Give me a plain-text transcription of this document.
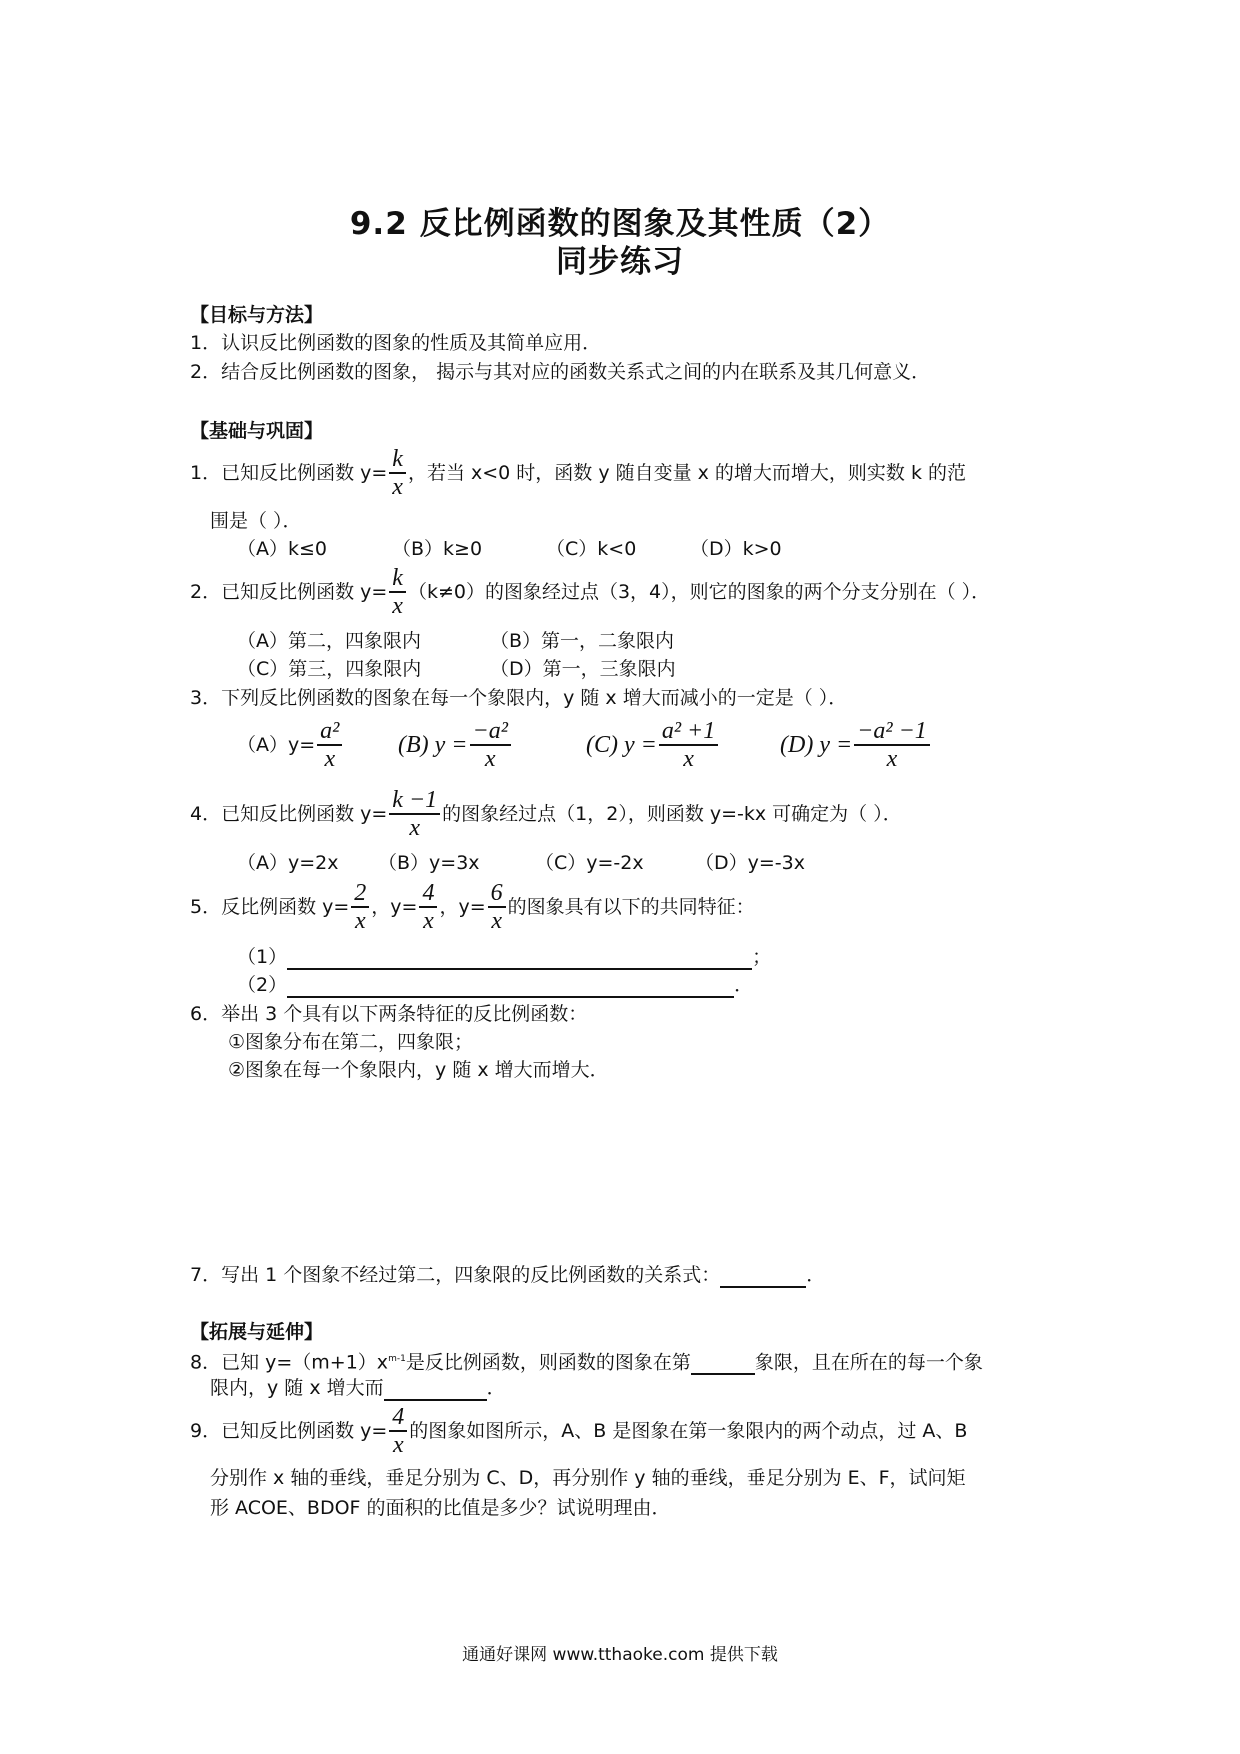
9.2 反比例函数的图象及其性质（2）
同步练习
【目标与方法】
1．认识反比例函数的图象的性质及其简单应用．
2．结合反比例函数的图象， 揭示与其对应的函数关系式之间的内在联系及其几何意义．
【基础与巩固】
1．已知反比例函数 $y= \frac{k}{x}$ ，若当 x<0 时，函数 y 随自变量 x 的增大而增大，则实数 k 的范
围是（ ）．
（A）k≤0	（B）k≥0	（C）k<0	（D）k>0
2．已知反比例函数 $y= \frac{k}{x} (k\ne 0)$的图象经过点（3，4），则它的图象的两个分支分别在（ ）．
（A）第二，四象限内	（B）第一，二象限内
（C）第三，四象限内	（D）第一，三象限内
3．下列反比例函数的图象在每一个象限内，y 随 x 增大而减小的一定是（ ）．
$(A)y= \frac{\text{a²}}{x} (B) y = \frac{\text{−a²}}{x}$	(C) $y = \frac{\text{a² +1}}{x}$	(D) $y = \frac{\text{−a² −1}}{x}$
4．已知反比例函数 $y= \frac{k -1}{x}$ 的图象经过点（1，2），则函数 y=-kx 可确定为（ ）．
（A）y=2x （B）y=3x	（C）y=-2x	（D）y=-3x
5．反比例函数 $y= \frac{2}{x}$ ，$y= \frac{4}{x}$ ，$y= \frac{6}{x}$ 的图象具有以下的共同特征：
（1）	；
（2）	．
6．举出 3 个具有以下两条特征的反比例函数：
①图象分布在第二，四象限；
②图象在每一个象限内，y 随 x 增大而增大．
7．写出 1 个图象不经过第二，四象限的反比例函数的关系式：	．
【拓展与延伸】
8．已知 $y=(m+1)x^{m-1}$是反比例函数，则函数的图象在第	象限，且在所在的每一个象
限内，y 随 x 增大而	．
9．已知反比例函数 $y= \frac{4}{x}$ 的图象如图所示，A、B 是图象在第一象限内的两个动点，过 A、B
分别作 x 轴的垂线，垂足分别为 C、D，再分别作 y 轴的垂线，垂足分别为 E、F，试问矩
形 ACOE、BDOF 的面积的比值是多少？试说明理由．
通通好课网 www.tthaoke.com 提供下载
